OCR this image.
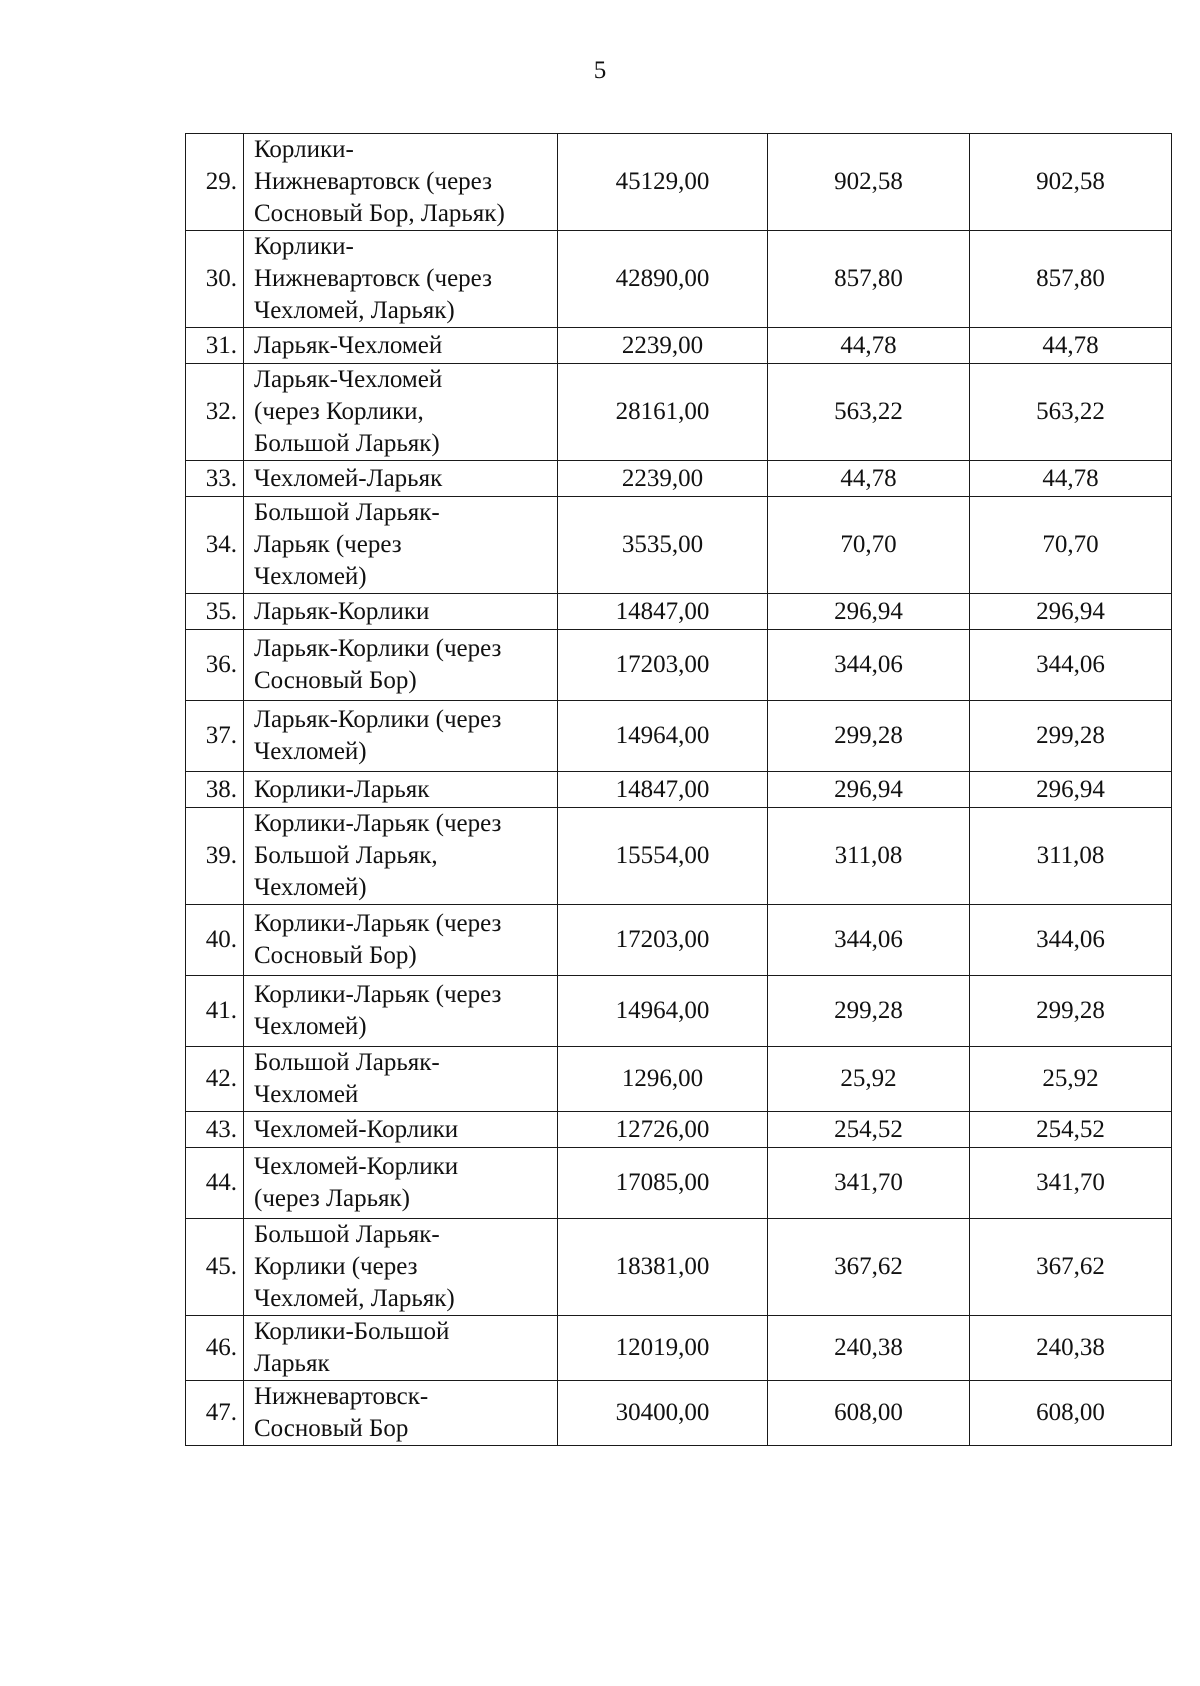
5
29.	Корлики-
Нижневартовск (через
Сосновый Бор, Ларьяк)	45129,00	902,58	902,58
30.	Корлики-
Нижневартовск (через
Чехломей, Ларьяк)	42890,00	857,80	857,80
31.	Ларьяк-Чехломей	2239,00	44,78	44,78
32.	Ларьяк-Чехломей
(через Корлики,
Большой Ларьяк)	28161,00	563,22	563,22
33.	Чехломей-Ларьяк	2239,00	44,78	44,78
34.	Большой Ларьяк-
Ларьяк (через
Чехломей)	3535,00	70,70	70,70
35.	Ларьяк-Корлики	14847,00	296,94	296,94
36.	Ларьяк-Корлики (через
Сосновый Бор)	17203,00	344,06	344,06
37.	Ларьяк-Корлики (через
Чехломей)	14964,00	299,28	299,28
38.	Корлики-Ларьяк	14847,00	296,94	296,94
39.	Корлики-Ларьяк (через
Большой Ларьяк,
Чехломей)	15554,00	311,08	311,08
40.	Корлики-Ларьяк (через
Сосновый Бор)	17203,00	344,06	344,06
41.	Корлики-Ларьяк (через
Чехломей)	14964,00	299,28	299,28
42.	Большой Ларьяк-
Чехломей	1296,00	25,92	25,92
43.	Чехломей-Корлики	12726,00	254,52	254,52
44.	Чехломей-Корлики
(через Ларьяк)	17085,00	341,70	341,70
45.	Большой Ларьяк-
Корлики (через
Чехломей, Ларьяк)	18381,00	367,62	367,62
46.	Корлики-Большой
Ларьяк	12019,00	240,38	240,38
47.	Нижневартовск-
Сосновый Бор	30400,00	608,00	608,00
